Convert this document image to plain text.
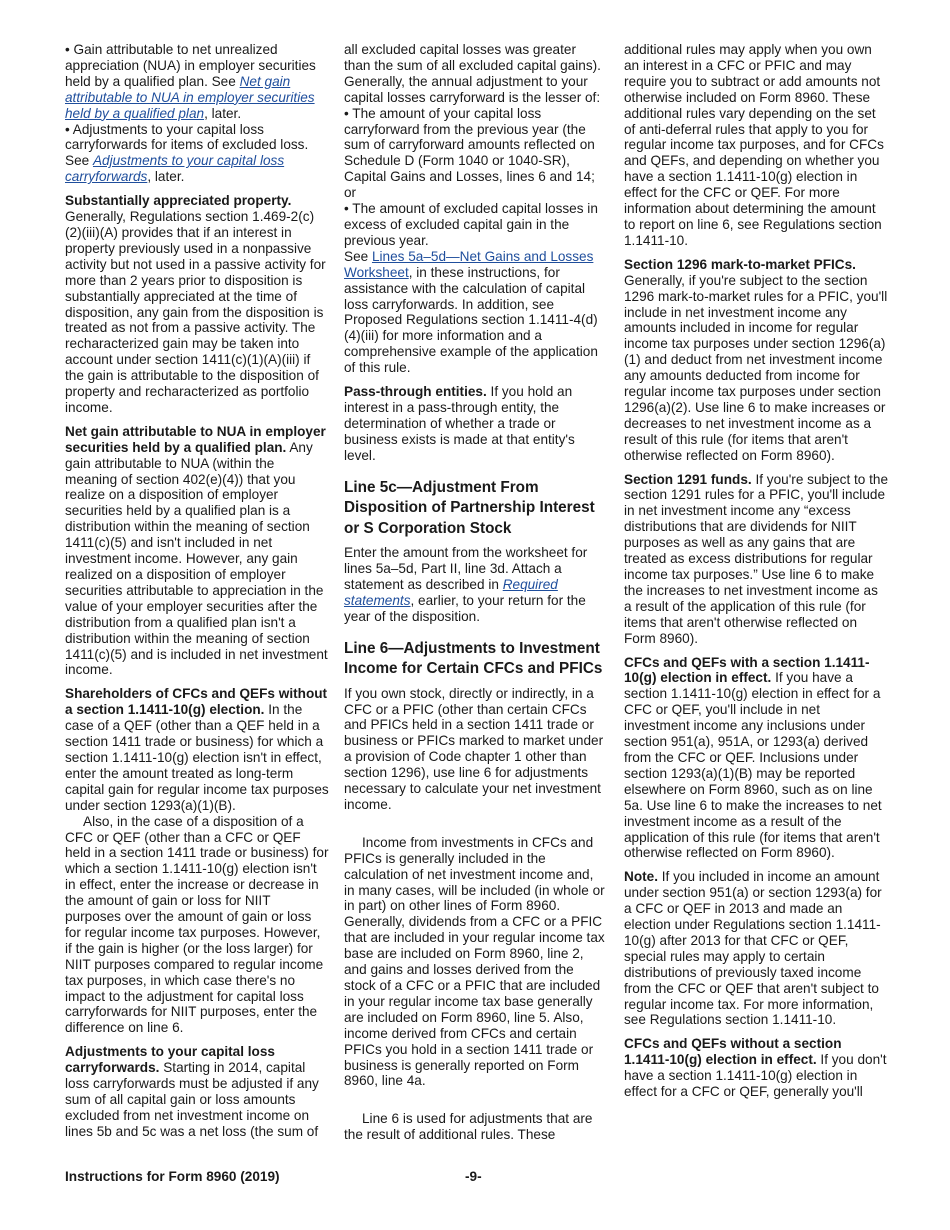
• Gain attributable to net unrealized appreciation (NUA) in employer securities held by a qualified plan. See Net gain attributable to NUA in employer securities held by a qualified plan, later.

• Adjustments to your capital loss carryforwards for items of excluded loss. See Adjustments to your capital loss carryforwards, later.

Substantially appreciated property.
Generally, Regulations section 1.469-2(c)(2)(iii)(A) provides that if an interest in property previously used in a nonpassive activity but not used in a passive activity for more than 2 years prior to disposition is substantially appreciated at the time of disposition, any gain from the disposition is treated as not from a passive activity. The recharacterized gain may be taken into account under section 1411(c)(1)(A)(iii) if the gain is attributable to the disposition of property and recharacterized as portfolio income.

Net gain attributable to NUA in employer securities held by a qualified plan. Any gain attributable to NUA (within the meaning of section 402(e)(4)) that you realize on a disposition of employer securities held by a qualified plan is a distribution within the meaning of section 1411(c)(5) and isn't included in net investment income. However, any gain realized on a disposition of employer securities attributable to appreciation in the value of your employer securities after the distribution from a qualified plan isn't a distribution within the meaning of section 1411(c)(5) and is included in net investment income.

Shareholders of CFCs and QEFs without a section 1.1411-10(g) election. In the case of a QEF (other than a QEF held in a section 1411 trade or business) for which a section 1.1411-10(g) election isn't in effect, enter the amount treated as long-term capital gain for regular income tax purposes under section 1293(a)(1)(B).

Also, in the case of a disposition of a CFC or QEF (other than a CFC or QEF held in a section 1411 trade or business) for which a section 1.1411-10(g) election isn't in effect, enter the increase or decrease in the amount of gain or loss for NIIT purposes over the amount of gain or loss for regular income tax purposes. However, if the gain is higher (or the loss larger) for NIIT purposes compared to regular income tax purposes, in which case there's no impact to the adjustment for capital loss carryforwards for NIIT purposes, enter the difference on line 6.

Adjustments to your capital loss carryforwards. Starting in 2014, capital loss carryforwards must be adjusted if any sum of all capital gain or loss amounts excluded from net investment income on lines 5b and 5c was a net loss (the sum of

all excluded capital losses was greater than the sum of all excluded capital gains). Generally, the annual adjustment to your capital losses carryforward is the lesser of:

• The amount of your capital loss carryforward from the previous year (the sum of carryforward amounts reflected on Schedule D (Form 1040 or 1040-SR), Capital Gains and Losses, lines 6 and 14; or

• The amount of excluded capital losses in excess of excluded capital gain in the previous year.

See Lines 5a–5d—Net Gains and Losses Worksheet, in these instructions, for assistance with the calculation of capital loss carryforwards. In addition, see Proposed Regulations section 1.1411-4(d)(4)(iii) for more information and a comprehensive example of the application of this rule.

Pass-through entities. If you hold an interest in a pass-through entity, the determination of whether a trade or business exists is made at that entity's level.

Line 5c—Adjustment From Disposition of Partnership Interest or S Corporation Stock

Enter the amount from the worksheet for lines 5a–5d, Part II, line 3d. Attach a statement as described in Required statements, earlier, to your return for the year of the disposition.

Line 6—Adjustments to Investment Income for Certain CFCs and PFICs

If you own stock, directly or indirectly, in a CFC or a PFIC (other than certain CFCs and PFICs held in a section 1411 trade or business or PFICs marked to market under a provision of Code chapter 1 other than section 1296), use line 6 for adjustments necessary to calculate your net investment income.

Income from investments in CFCs and PFICs is generally included in the calculation of net investment income and, in many cases, will be included (in whole or in part) on other lines of Form 8960. Generally, dividends from a CFC or a PFIC that are included in your regular income tax base are included on Form 8960, line 2, and gains and losses derived from the stock of a CFC or a PFIC that are included in your regular income tax base generally are included on Form 8960, line 5. Also, income derived from CFCs and certain PFICs you hold in a section 1411 trade or business is generally reported on Form 8960, line 4a.

Line 6 is used for adjustments that are the result of additional rules. These

additional rules may apply when you own an interest in a CFC or PFIC and may require you to subtract or add amounts not otherwise included on Form 8960. These additional rules vary depending on the set of anti-deferral rules that apply to you for regular income tax purposes, and for CFCs and QEFs, and depending on whether you have a section 1.1411-10(g) election in effect for the CFC or QEF. For more information about determining the amount to report on line 6, see Regulations section 1.1411-10.

Section 1296 mark-to-market PFICs. Generally, if you're subject to the section 1296 mark-to-market rules for a PFIC, you'll include in net investment income any amounts included in income for regular income tax purposes under section 1296(a)(1) and deduct from net investment income any amounts deducted from income for regular income tax purposes under section 1296(a)(2). Use line 6 to make increases or decreases to net investment income as a result of this rule (for items that aren't otherwise reflected on Form 8960).

Section 1291 funds. If you're subject to the section 1291 rules for a PFIC, you'll include in net investment income any “excess distributions that are dividends for NIIT purposes as well as any gains that are treated as excess distributions for regular income tax purposes.” Use line 6 to make the increases to net investment income as a result of the application of this rule (for items that aren't otherwise reflected on Form 8960).

CFCs and QEFs with a section 1.1411-10(g) election in effect. If you have a section 1.1411-10(g) election in effect for a CFC or QEF, you'll include in net investment income any inclusions under section 951(a), 951A, or 1293(a) derived from the CFC or QEF. Inclusions under section 1293(a)(1)(B) may be reported elsewhere on Form 8960, such as on line 5a. Use line 6 to make the increases to net investment income as a result of the application of this rule (for items that aren't otherwise reflected on Form 8960).

Note. If you included in income an amount under section 951(a) or section 1293(a) for a CFC or QEF in 2013 and made an election under Regulations section 1.1411-10(g) after 2013 for that CFC or QEF, special rules may apply to certain distributions of previously taxed income from the CFC or QEF that aren't subject to regular income tax. For more information, see Regulations section 1.1411-10.

CFCs and QEFs without a section 1.1411-10(g) election in effect. If you don't have a section 1.1411-10(g) election in effect for a CFC or QEF, generally you'll

Instructions for Form 8960 (2019)	-9-
